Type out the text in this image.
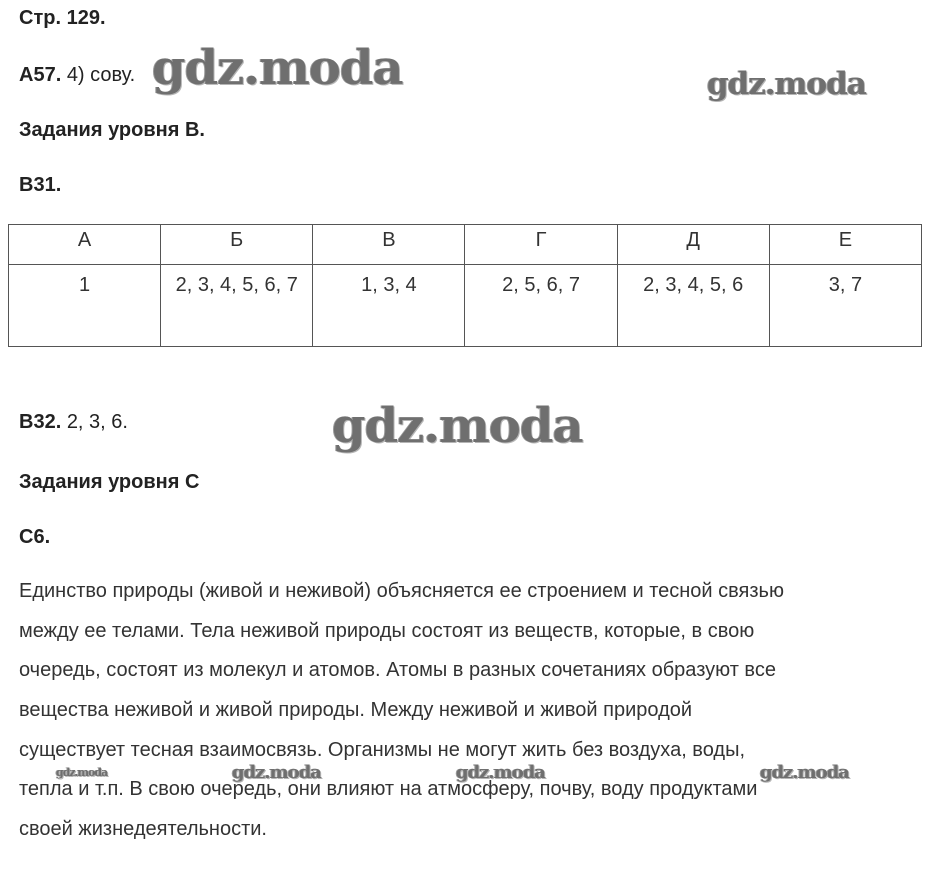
Стр. 129.
А57. 4) сову.
Задания уровня В.
В31.
А	Б	В	Г	Д	Е
1	2, 3, 4, 5, 6, 7	1, 3, 4	2, 5, 6, 7	2, 3, 4, 5, 6	3, 7
В32. 2, 3, 6.
Задания уровня С
С6.
Единство природы (живой и неживой) объясняется ее строением и тесной связью
между ее телами. Тела неживой природы состоят из веществ, которые, в свою
очередь, состоят из молекул и атомов. Атомы в разных сочетаниях образуют все
вещества неживой и живой природы. Между неживой и живой природой
существует тесная взаимосвязь. Организмы не могут жить без воздуха, воды,
тепла и т.п. В свою очередь, они влияют на атмосферу, почву, воду продуктами
своей жизнедеятельности.
gdz.moda	gdz.moda
gdz.moda
gdz.moda	gdz.moda	gdz.moda	gdz.moda
